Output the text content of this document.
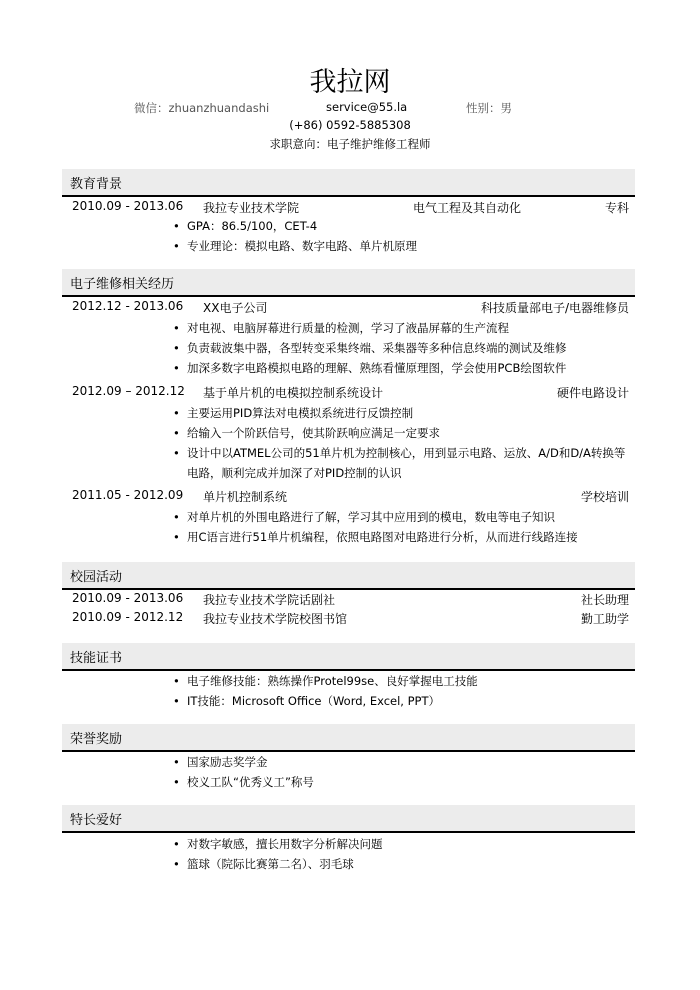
我拉网
微信：zhuanzhuandashi	service@55.la	性别：男
(+86) 0592-5885308
求职意向：电子维护维修工程师
教育背景
2010.09 - 2013.06 我拉专业技术学院	电气工程及其自动化	专科
• GPA：86.5/100，CET-4
• 专业理论：模拟电路、数字电路、单片机原理
电子维修相关经历
2012.12 - 2013.06 XX电子公司	科技质量部电子/电器维修员
• 对电视、电脑屏幕进行质量的检测，学习了液晶屏幕的生产流程
• 负责载波集中器，各型转变采集终端、采集器等多种信息终端的测试及维修
• 加深多数字电路模拟电路的理解、熟练看懂原理图，学会使用PCB绘图软件
2012.09 – 2012.12 基于单片机的电模拟控制系统设计	硬件电路设计
• 主要运用PID算法对电模拟系统进行反馈控制
• 给输入一个阶跃信号，使其阶跃响应满足一定要求
• 设计中以ATMEL公司的51单片机为控制核心，用到显示电路、运放、A/D和D/A转换等电路，顺利完成并加深了对PID控制的认识
2011.05 - 2012.09 单片机控制系统	学校培训
• 对单片机的外围电路进行了解，学习其中应用到的模电，数电等电子知识
• 用C语言进行51单片机编程，依照电路图对电路进行分析，从而进行线路连接
校园活动
2010.09 - 2013.06 我拉专业技术学院话剧社	社长助理
2010.09 - 2012.12 我拉专业技术学院校图书馆	勤工助学
技能证书
• 电子维修技能：熟练操作Protel99se、良好掌握电工技能
• IT技能：Microsoft Office（Word, Excel, PPT）
荣誉奖励
• 国家励志奖学金
• 校义工队“优秀义工”称号
特长爱好
• 对数字敏感，擅长用数字分析解决问题
• 篮球（院际比赛第二名）、羽毛球
